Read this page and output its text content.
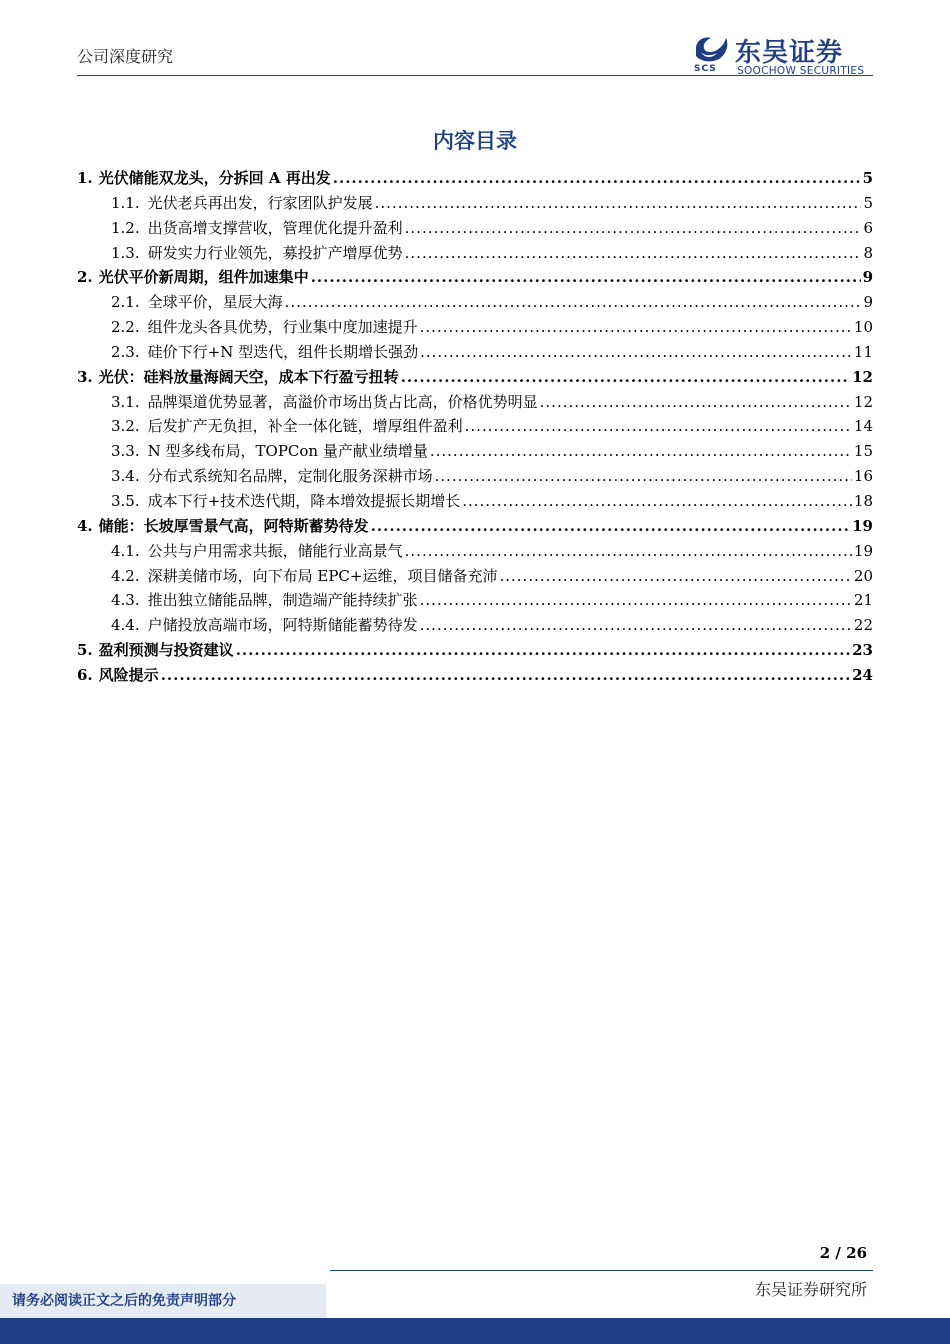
公司深度研究
SCS
东吴证券
SOOCHOW SECURITIES
内容目录
1. 光伏储能双龙头，分拆回 A 再出发 .....	5
1.1. 光伏老兵再出发，行家团队护发展 .....	5
1.2. 出货高增支撑营收，管理优化提升盈利 .....	6
1.3. 研发实力行业领先，募投扩产增厚优势 .....	8
2. 光伏平价新周期，组件加速集中 .....	9
2.1. 全球平价，星辰大海 .....	9
2.2. 组件龙头各具优势，行业集中度加速提升 .....	10
2.3. 硅价下行+N 型迭代，组件长期增长强劲 .....	11
3. 光伏：硅料放量海阔天空，成本下行盈亏扭转 .....	12
3.1. 品牌渠道优势显著，高溢价市场出货占比高，价格优势明显 .....	12
3.2. 后发扩产无负担，补全一体化链，增厚组件盈利 .....	14
3.3. N 型多线布局，TOPCon 量产献业绩增量 .....	15
3.4. 分布式系统知名品牌，定制化服务深耕市场 .....	16
3.5. 成本下行+技术迭代期，降本增效提振长期增长 .....	18
4. 储能：长坡厚雪景气高，阿特斯蓄势待发 .....	19
4.1. 公共与户用需求共振，储能行业高景气 .....	19
4.2. 深耕美储市场，向下布局 EPC+运维，项目储备充沛 .....	20
4.3. 推出独立储能品牌，制造端产能持续扩张 .....	21
4.4. 户储投放高端市场，阿特斯储能蓄势待发 .....	22
5. 盈利预测与投资建议 .....	23
6. 风险提示 .....	24
2 / 26
请务必阅读正文之后的免责声明部分
东吴证券研究所
